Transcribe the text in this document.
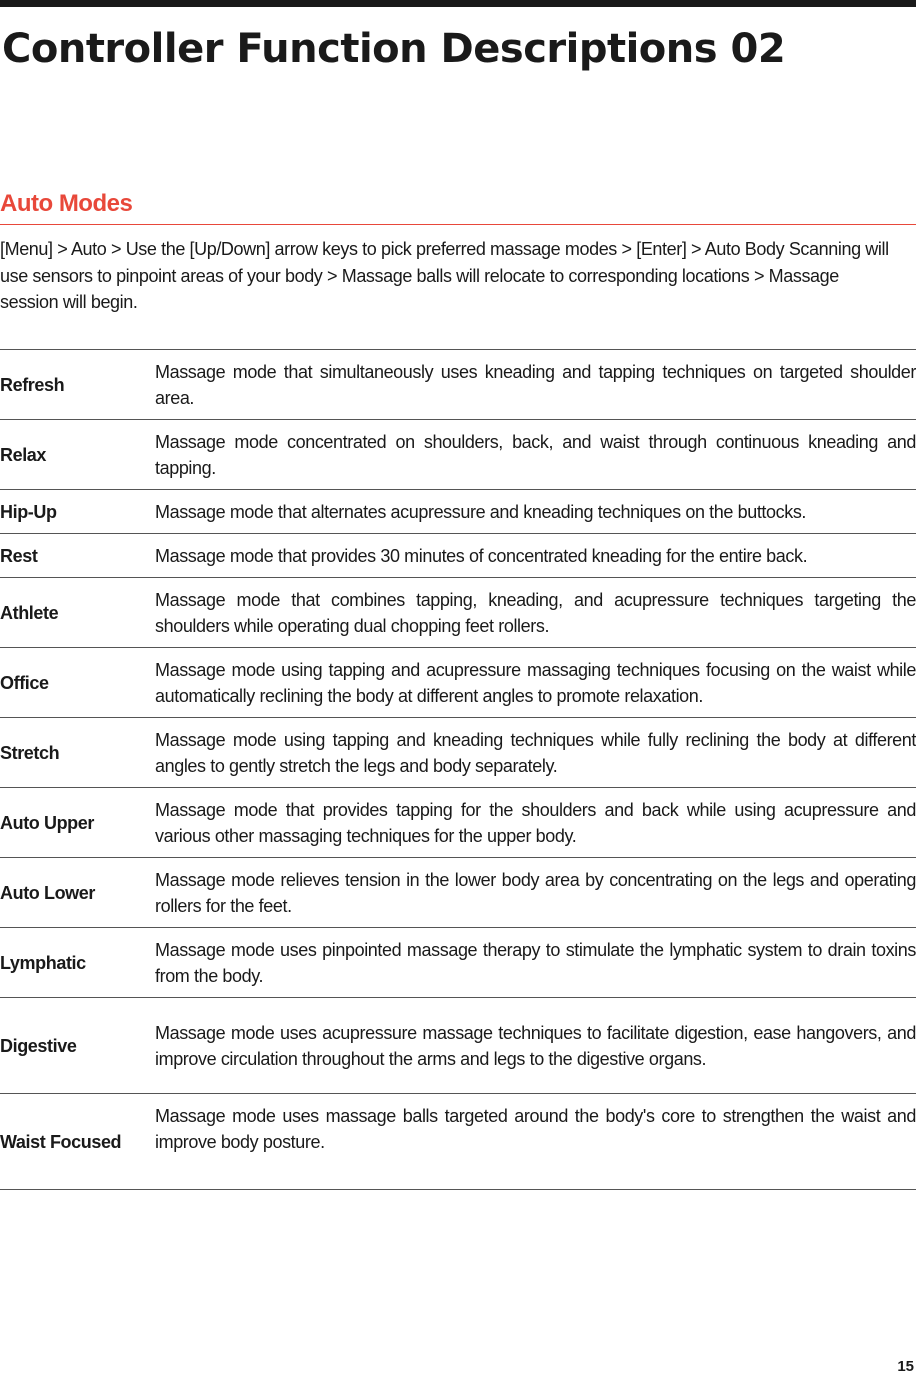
Controller Function Descriptions 02
Auto Modes

[Menu] > Auto > Use the [Up/Down] arrow keys to pick preferred massage modes > [Enter] > Auto Body Scanning will use sensors to pinpoint areas of your body > Massage balls will relocate to corresponding locations > Massage session will begin.

Refresh	Massage mode that simultaneously uses kneading and tapping techniques on targeted shoulder area.
Relax	Massage mode concentrated on shoulders, back, and waist through continuous kneading and tapping.
Hip-Up	Massage mode that alternates acupressure and kneading techniques on the buttocks.
Rest	Massage mode that provides 30 minutes of concentrated kneading for the entire back.
Athlete	Massage mode that combines tapping, kneading, and acupressure techniques targeting the shoulders while operating dual chopping feet rollers.
Office	Massage mode using tapping and acupressure massaging techniques focusing on the waist while automatically reclining the body at different angles to promote relaxation.
Stretch	Massage mode using tapping and kneading techniques while fully reclining the body at different angles to gently stretch the legs and body separately.
Auto Upper	Massage mode that provides tapping for the shoulders and back while using acupressure and various other massaging techniques for the upper body.
Auto Lower	Massage mode relieves tension in the lower body area by concentrating on the legs and operating rollers for the feet.
Lymphatic	Massage mode uses pinpointed massage therapy to stimulate the lymphatic system to drain toxins from the body.
Digestive	Massage mode uses acupressure massage techniques to facilitate digestion, ease hangovers, and improve circulation throughout the arms and legs to the digestive organs.
Waist Focused	Massage mode uses massage balls targeted around the body's core to strengthen the waist and improve body posture.
15
